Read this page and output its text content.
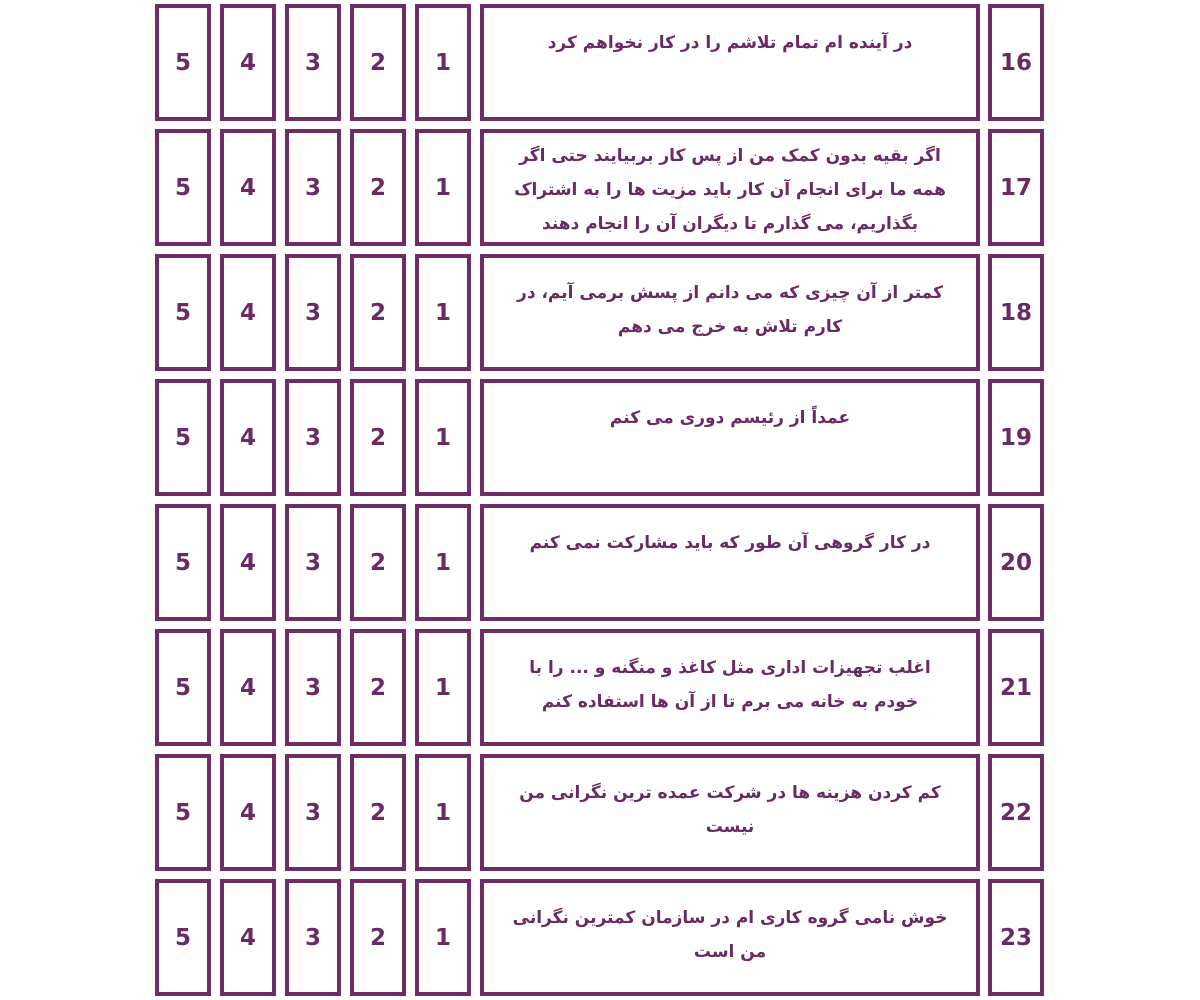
16
در آینده ام تمام تلاشم را در کار نخواهم کرد
1
2
3
4
5
17
اگر بقیه بدون کمک من از پس کار بربیایند حتی اگر همه ما برای انجام آن کار باید مزیت ها را به اشتراک بگذاریم، می گذارم تا دیگران آن را انجام دهند
1
2
3
4
5
18
کمتر از آن چیزی که می دانم از پسش برمی آیم، در کارم تلاش به خرج می دهم
1
2
3
4
5
19
عمداً از رئیسم دوری می کنم
1
2
3
4
5
20
در کار گروهی آن طور که باید مشارکت نمی کنم
1
2
3
4
5
21
اغلب تجهیزات اداری مثل کاغذ و منگنه و ... را با خودم به خانه می برم تا از آن ها استفاده کنم
1
2
3
4
5
22
کم کردن هزینه ها در شرکت عمده ترین نگرانی من نیست
1
2
3
4
5
23
خوش نامی گروه کاری ام در سازمان کمترین نگرانی من است
1
2
3
4
5
